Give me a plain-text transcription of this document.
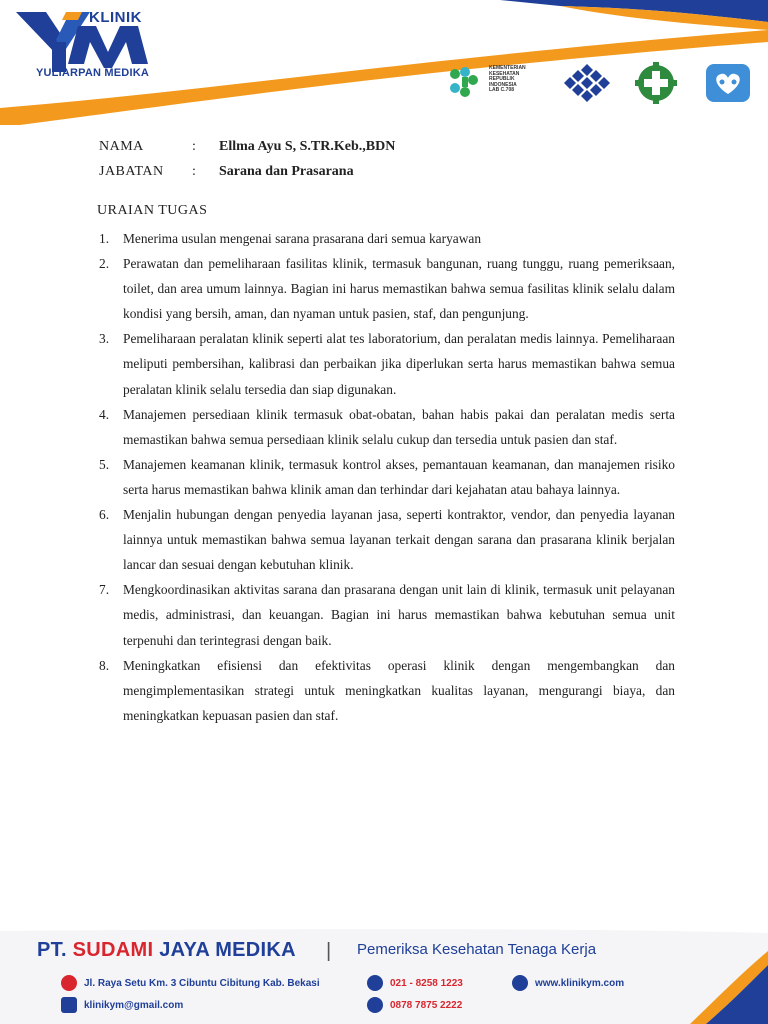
KLINIK
YULIARPAN MEDIKA	KEMENTERIAN
KESEHATAN
REPUBLIK
INDONESIA
LAB C.708
NAMA	: Ellma Ayu S, S.TR.Keb.,BDN
JABATAN : Sarana dan Prasarana
URAIAN TUGAS
1. Menerima usulan mengenai sarana prasarana dari semua karyawan
2. Perawatan dan pemeliharaan fasilitas klinik, termasuk bangunan, ruang tunggu, ruang pemeriksaan, toilet, dan area umum lainnya. Bagian ini harus memastikan bahwa semua fasilitas klinik selalu dalam kondisi yang bersih, aman, dan nyaman untuk pasien, staf, dan pengunjung.
3. Pemeliharaan peralatan klinik seperti alat tes laboratorium, dan peralatan medis lainnya. Pemeliharaan meliputi pembersihan, kalibrasi dan perbaikan jika diperlukan serta harus memastikan bahwa semua peralatan klinik selalu tersedia dan siap digunakan.
4. Manajemen persediaan klinik termasuk obat-obatan, bahan habis pakai dan peralatan medis serta memastikan bahwa semua persediaan klinik selalu cukup dan tersedia untuk pasien dan staf.
5. Manajemen keamanan klinik, termasuk kontrol akses, pemantauan keamanan, dan manajemen risiko serta harus memastikan bahwa klinik aman dan terhindar dari kejahatan atau bahaya lainnya.
6. Menjalin hubungan dengan penyedia layanan jasa, seperti kontraktor, vendor, dan penyedia layanan lainnya untuk memastikan bahwa semua layanan terkait dengan sarana dan prasarana klinik berjalan lancar dan sesuai dengan kebutuhan klinik.
7. Mengkoordinasikan aktivitas sarana dan prasarana dengan unit lain di klinik, termasuk unit pelayanan medis, administrasi, dan keuangan. Bagian ini harus memastikan bahwa kebutuhan semua unit terpenuhi dan terintegrasi dengan baik.
8. Meningkatkan efisiensi dan efektivitas operasi klinik dengan mengembangkan dan mengimplementasikan strategi untuk meningkatkan kualitas layanan, mengurangi biaya, dan meningkatkan kepuasan pasien dan staf.
PT. SUDAMI JAYA MEDIKA | Pemeriksa Kesehatan Tenaga Kerja
Jl. Raya Setu Km. 3 Cibuntu Cibitung Kab. Bekasi
klinikym@gmail.com
021 - 8258 1223
0878 7875 2222
www.klinikym.com
